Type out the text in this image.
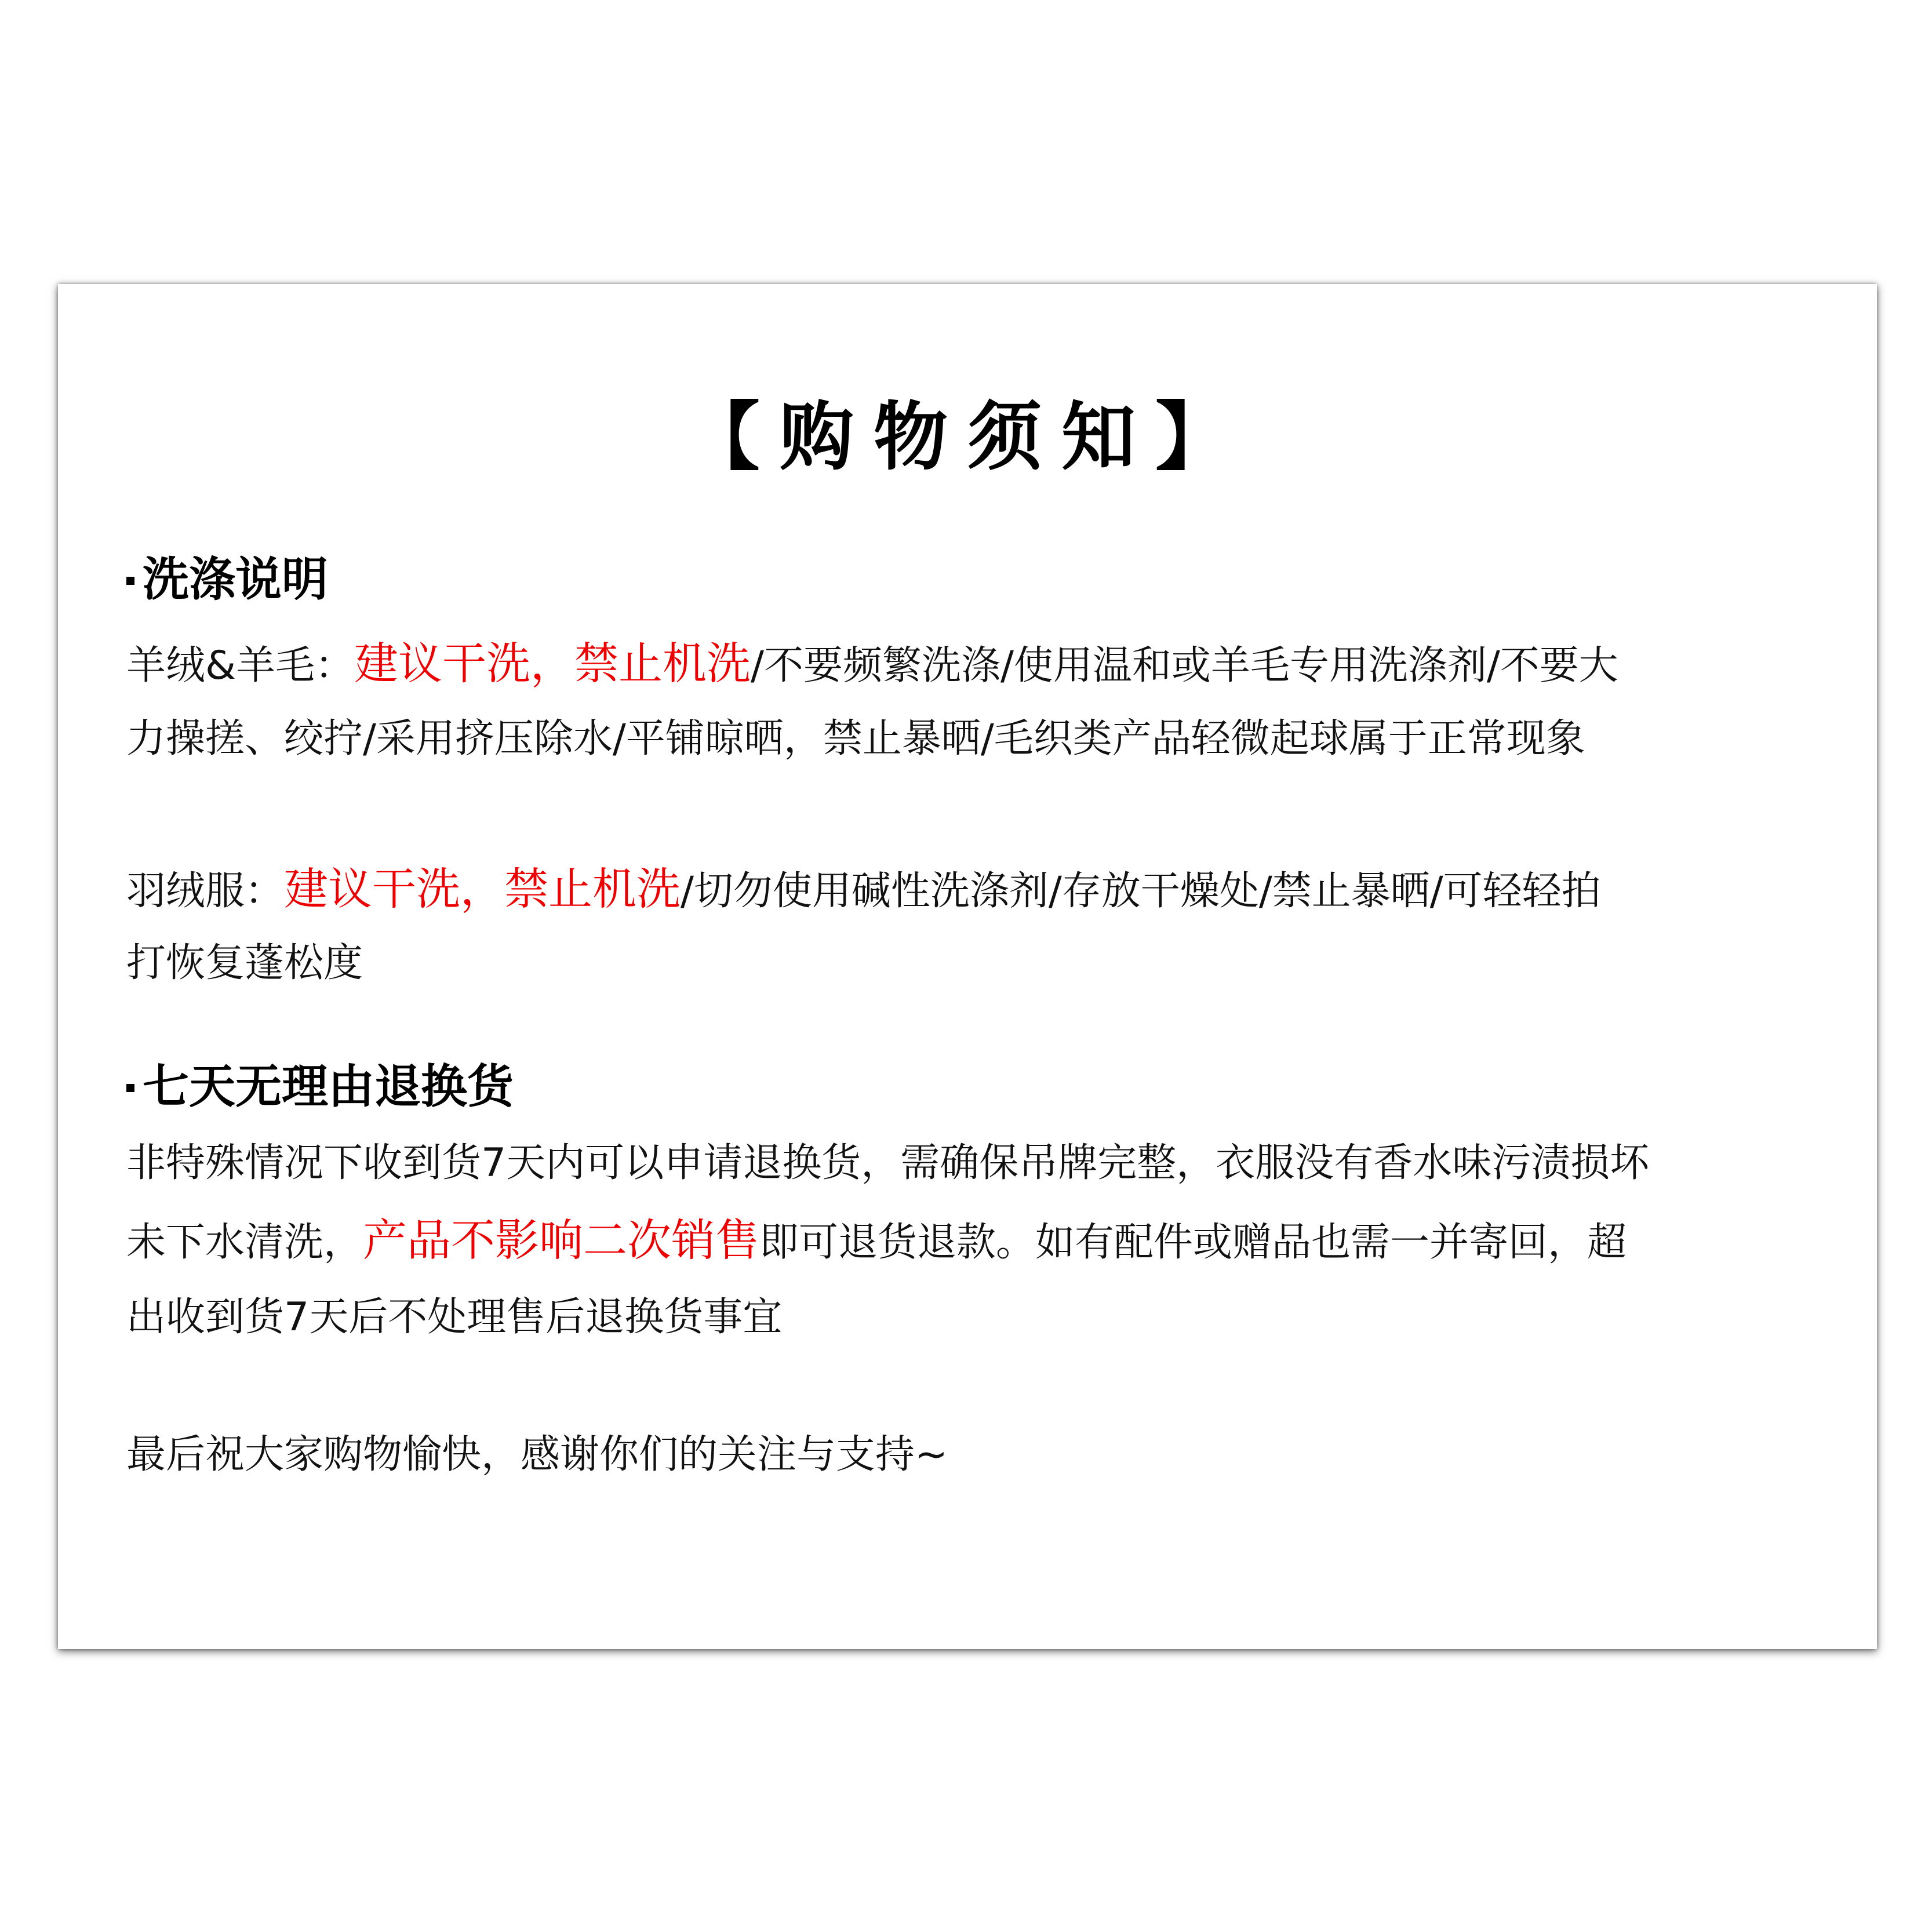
【购物须知】
洗涤说明
羊绒&羊毛：建议干洗，禁止机洗/不要频繁洗涤/使用温和或羊毛专用洗涤剂/不要大
力操搓、绞拧/采用挤压除水/平铺晾晒，禁止暴晒/毛织类产品轻微起球属于正常现象
羽绒服：建议干洗，禁止机洗/切勿使用碱性洗涤剂/存放干燥处/禁止暴晒/可轻轻拍
打恢复蓬松度
七天无理由退换货
非特殊情况下收到货7天内可以申请退换货，需确保吊牌完整，衣服没有香水味污渍损坏
未下水清洗，产品不影响二次销售即可退货退款。如有配件或赠品也需一并寄回，超
出收到货7天后不处理售后退换货事宜
最后祝大家购物愉快，感谢你们的关注与支持~
